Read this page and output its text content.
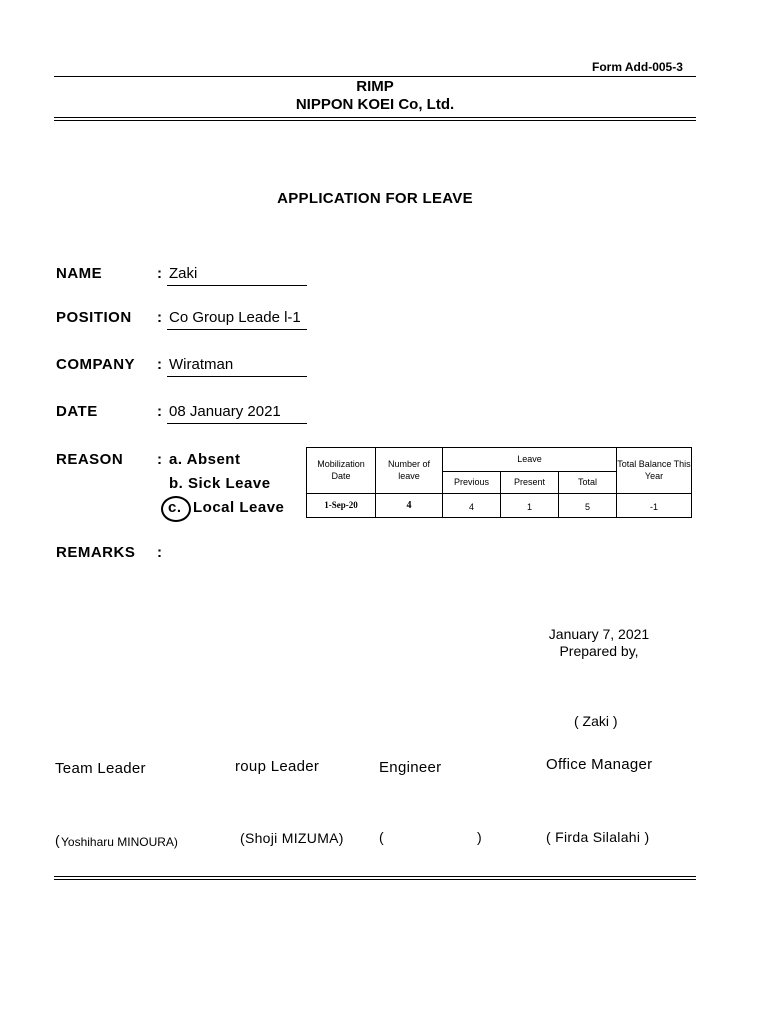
Form Add-005-3
RIMP
NIPPON KOEI Co, Ltd.
APPLICATION FOR LEAVE
NAME	: Zaki
POSITION : Co Group Leade l-1
COMPANY : Wiratman
DATE	: 08 January 2021
REASON : a. Absent
b. Sick Leave
c. Local Leave
Mobilization Date	Number of leave	Leave			Total Balance This Year
		Previous	Present	Total	
1-Sep-20	4	4	1	5	-1
REMARKS :
January 7, 2021
Prepared by,
( Zaki )
Team Leader	roup Leader	Engineer	Office Manager
( Yoshiharu MINOURA)	(Shoji MIZUMA)	(	)	( Firda Silalahi )
